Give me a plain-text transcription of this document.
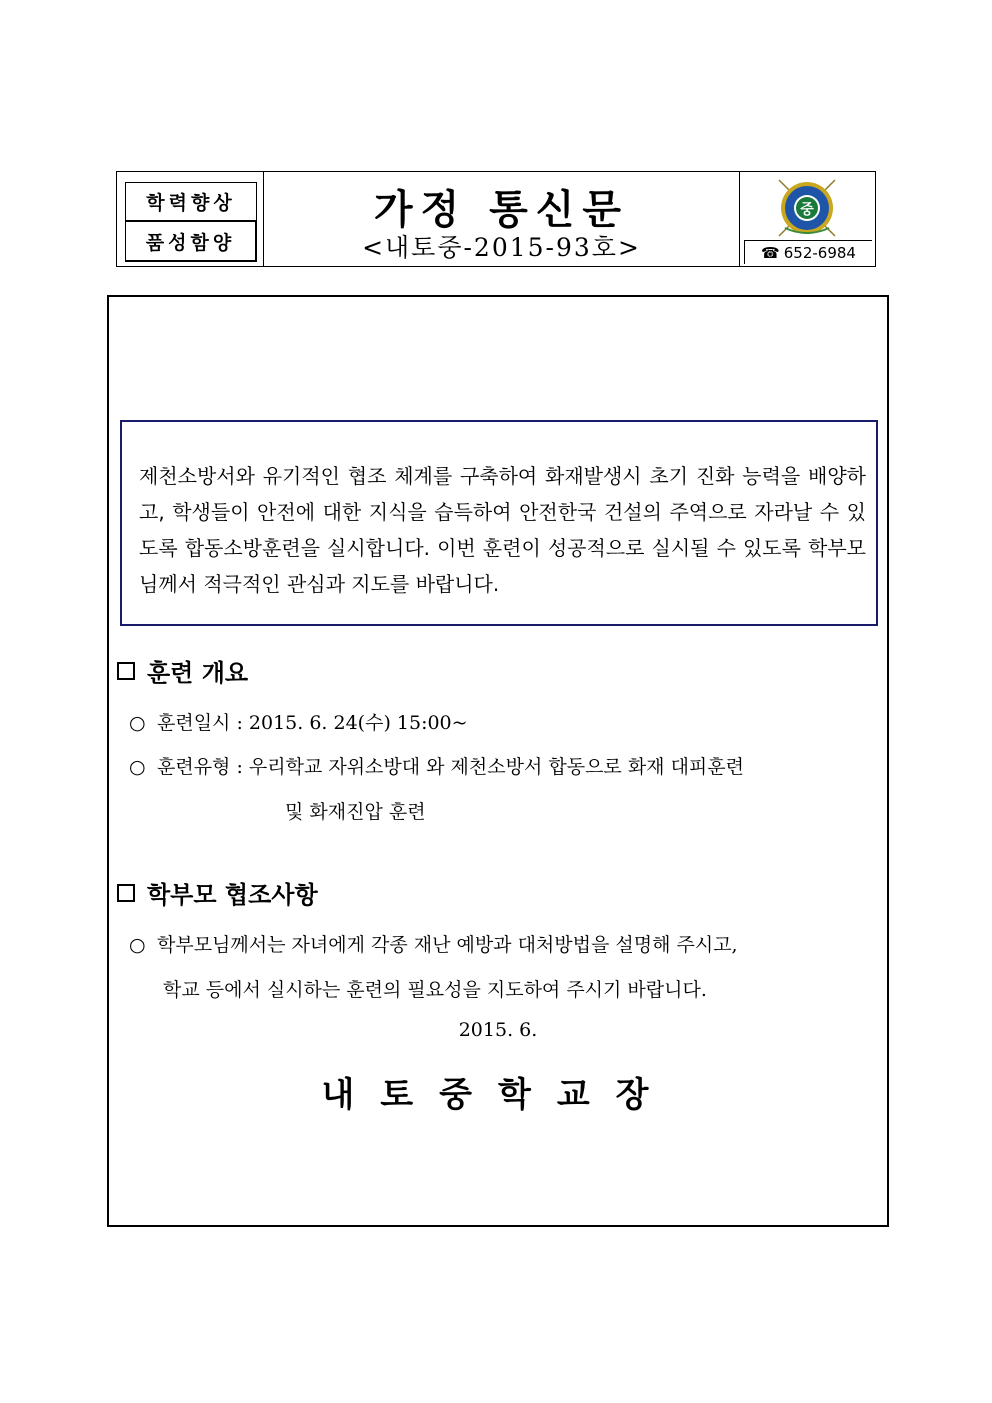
학력향상
품성함양
가정 통신문
<내토중-2015-93호>
중
☎ 652-6984
제천소방서와 유기적인 협조 체계를 구축하여 화재발생시 초기 진화 능력을 배양하고, 학생들이 안전에 대한 지식을 습득하여 안전한국 건설의 주역으로 자라날 수 있도록 합동소방훈련을 실시합니다. 이번 훈련이 성공적으로 실시될 수 있도록 학부모님께서 적극적인 관심과 지도를 바랍니다.
훈련 개요
○ 훈련일시 : 2015. 6. 24(수) 15:00~
○ 훈련유형 : 우리학교 자위소방대 와 제천소방서 합동으로 화재 대피훈련
및 화재진압 훈련
학부모 협조사항
○ 학부모님께서는 자녀에게 각종 재난 예방과 대처방법을 설명해 주시고,
학교 등에서 실시하는 훈련의 필요성을 지도하여 주시기 바랍니다.
2015. 6.
내토중학교장
